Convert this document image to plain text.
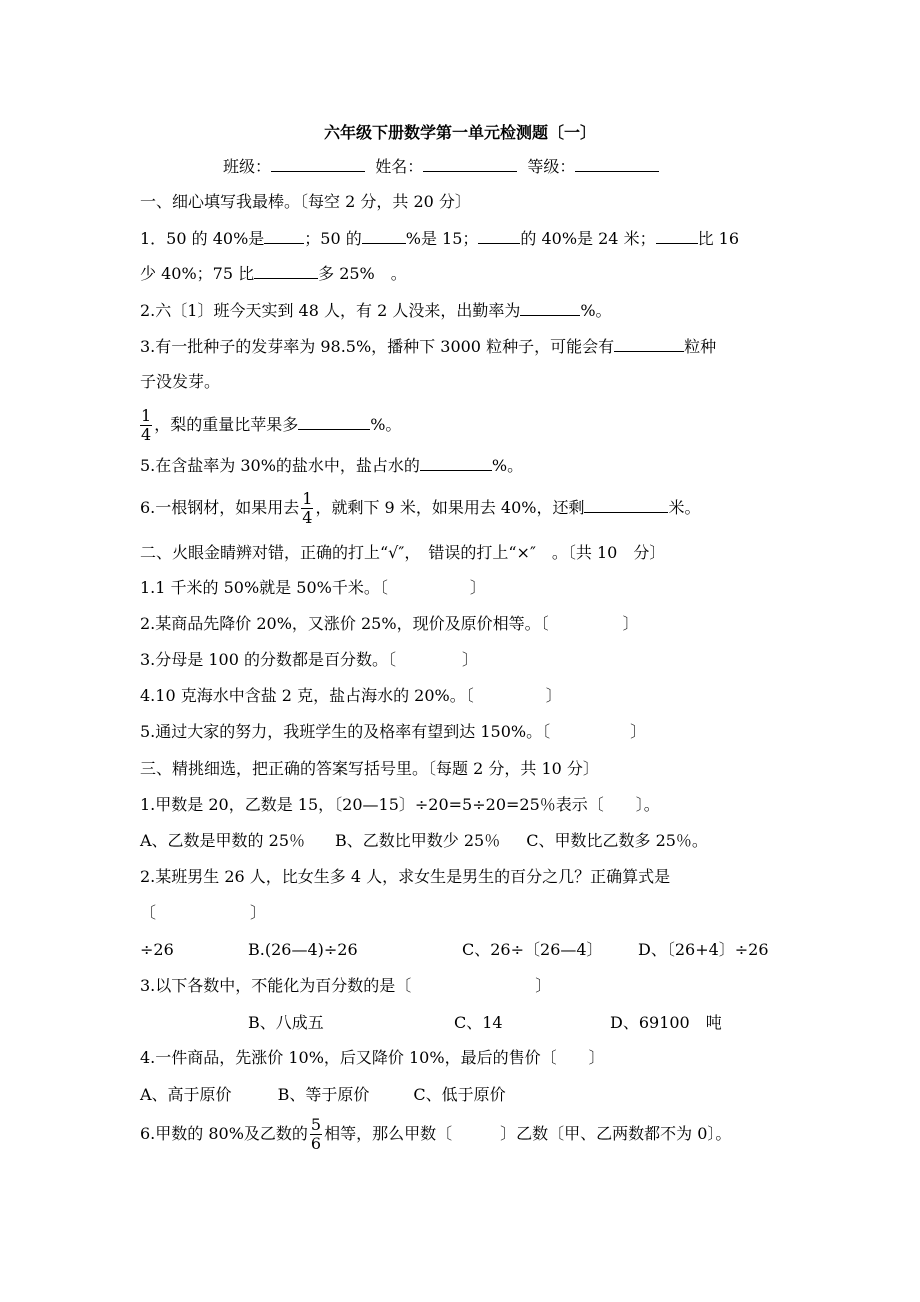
六年级下册数学第一单元检测题〔一〕
班级：	姓名：	等级：
一、细心填写我最棒。〔每空 2 分，共 20 分〕
1．50 的 40%是	；50 的	%是 15；	的 40%是 24 米；	比 16
少 40%；75 比	多 25%　。
2.六〔1〕班今天实到 48 人，有 2 人没来，出勤率为	%。
3.有一批种子的发芽率为 98.5%，播种下 3000 粒种子，可能会有	粒种
子没发芽。
$\frac{1}{4}$ ，梨的重量比苹果多	%。
5.在含盐率为 30%的盐水中，盐占水的	%。
6.一根钢材，如果用去 $\frac{1}{4}$ ，就剩下 9 米，如果用去 40%，还剩	米。
二、火眼金睛辨对错，正确的打上“√″，　错误的打上“×″　。〔共 10　分〕
1.1 千米的 50%就是 50%千米。〔	〕
2.某商品先降价 20%，又涨价 25%，现价及原价相等。〔	〕
3.分母是 100 的分数都是百分数。〔	〕
4.10 克海水中含盐 2 克，盐占海水的 20%。〔	〕
5.通过大家的努力，我班学生的及格率有望到达 150%。〔	〕
三、精挑细选，把正确的答案写括号里。〔每题 2 分，共 10 分〕
1.甲数是 20，乙数是 15，〔20—15〕÷20=5÷20=25％表示〔　　〕。
A、乙数是甲数的 25％ B、乙数比甲数少 25％ C、甲数比乙数多 25％。
2.某班男生 26 人，比女生多 4 人，求女生是男生的百分之几？正确算式是
〔	〕
÷26	B.(26—4)÷26	C、26÷〔26—4〕 D、〔26+4〕÷26
3.以下各数中，不能化为百分数的是〔	〕
B、八成五	C、14	D、69100　吨
4.一件商品，先涨价 10%，后又降价 10%，最后的售价〔　　〕
A、高于原价	B、等于原价	C、低于原价
6.甲数的 80%及乙数的 $\frac{5}{6}$ 相等，那么甲数〔　　　〕乙数〔甲、乙两数都不为 0〕。
